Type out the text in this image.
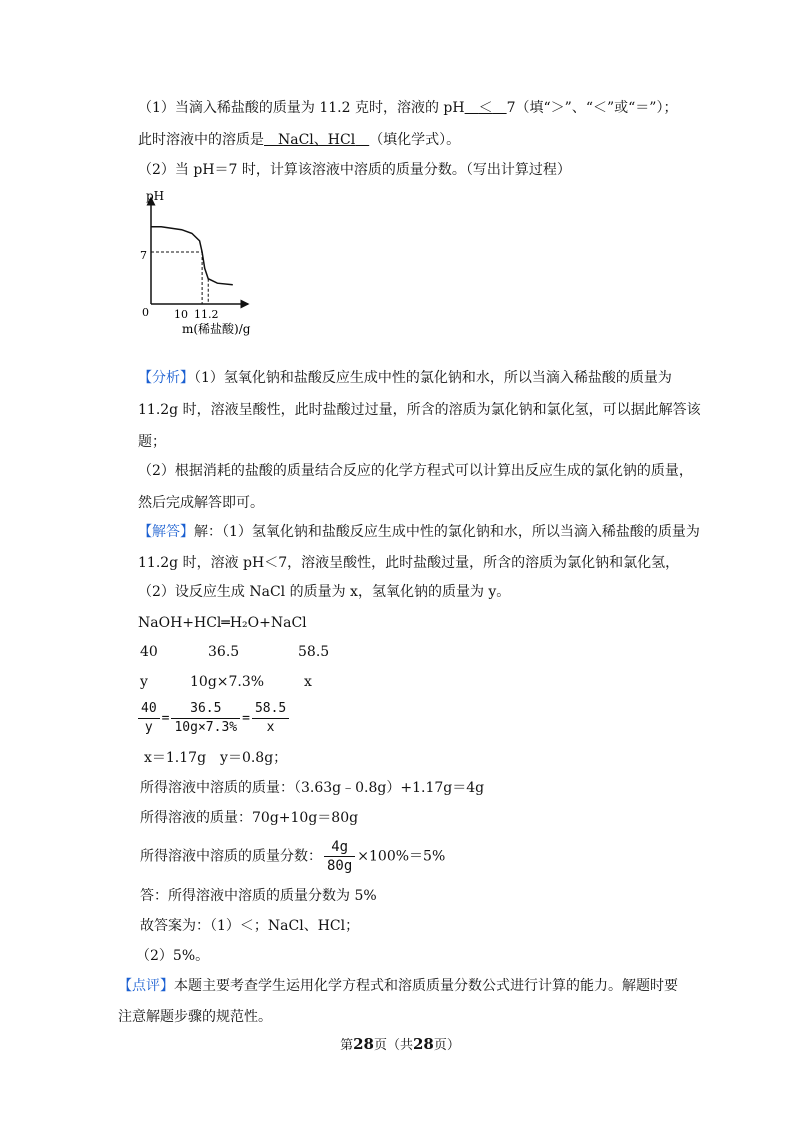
（1）当滴入稀盐酸的质量为 11.2 克时，溶液的 pH  ＜  7（填“＞”、“＜”或“＝”）；
此时溶液中的溶质是   NaCl、HCl   （填化学式）。
（2）当 pH＝7 时，计算该溶液中溶质的质量分数。（写出计算过程）
pH
0
7
10 11.2
m(稀盐酸)/g
【分析】（1）氢氧化钠和盐酸反应生成中性的氯化钠和水，所以当滴入稀盐酸的质量为
11.2g 时，溶液呈酸性，此时盐酸过过量，所含的溶质为氯化钠和氯化氢，可以据此解答该
题；
（2）根据消耗的盐酸的质量结合反应的化学方程式可以计算出反应生成的氯化钠的质量，
然后完成解答即可。
【解答】解：（1）氢氧化钠和盐酸反应生成中性的氯化钠和水，所以当滴入稀盐酸的质量为
11.2g 时，溶液 pH＜7，溶液呈酸性，此时盐酸过量，所含的溶质为氯化钠和氯化氢，
（2）设反应生成 NaCl 的质量为 x，氢氧化钠的质量为 y。
NaOH+HCl═H₂O+NaCl
40	36.5	58.5
y	10g×7.3%	x
$\frac{40}{y} = \frac{36.5}{10g\times 7.3\%} = \frac{58.5}{x}$
x＝1.17g　y＝0.8g；
所得溶液中溶质的质量：（3.63g﹣0.8g）+1.17g＝4g
所得溶液的质量：70g+10g＝80g
所得溶液中溶质的质量分数： $\frac{4g}{80g} \times 100\%=5\%$
答：所得溶液中溶质的质量分数为 5%
故答案为：（1）＜；NaCl、HCl；
（2）5%。
【点评】本题主要考查学生运用化学方程式和溶质质量分数公式进行计算的能力。解题时要
注意解题步骤的规范性。
第28页（共28页）
